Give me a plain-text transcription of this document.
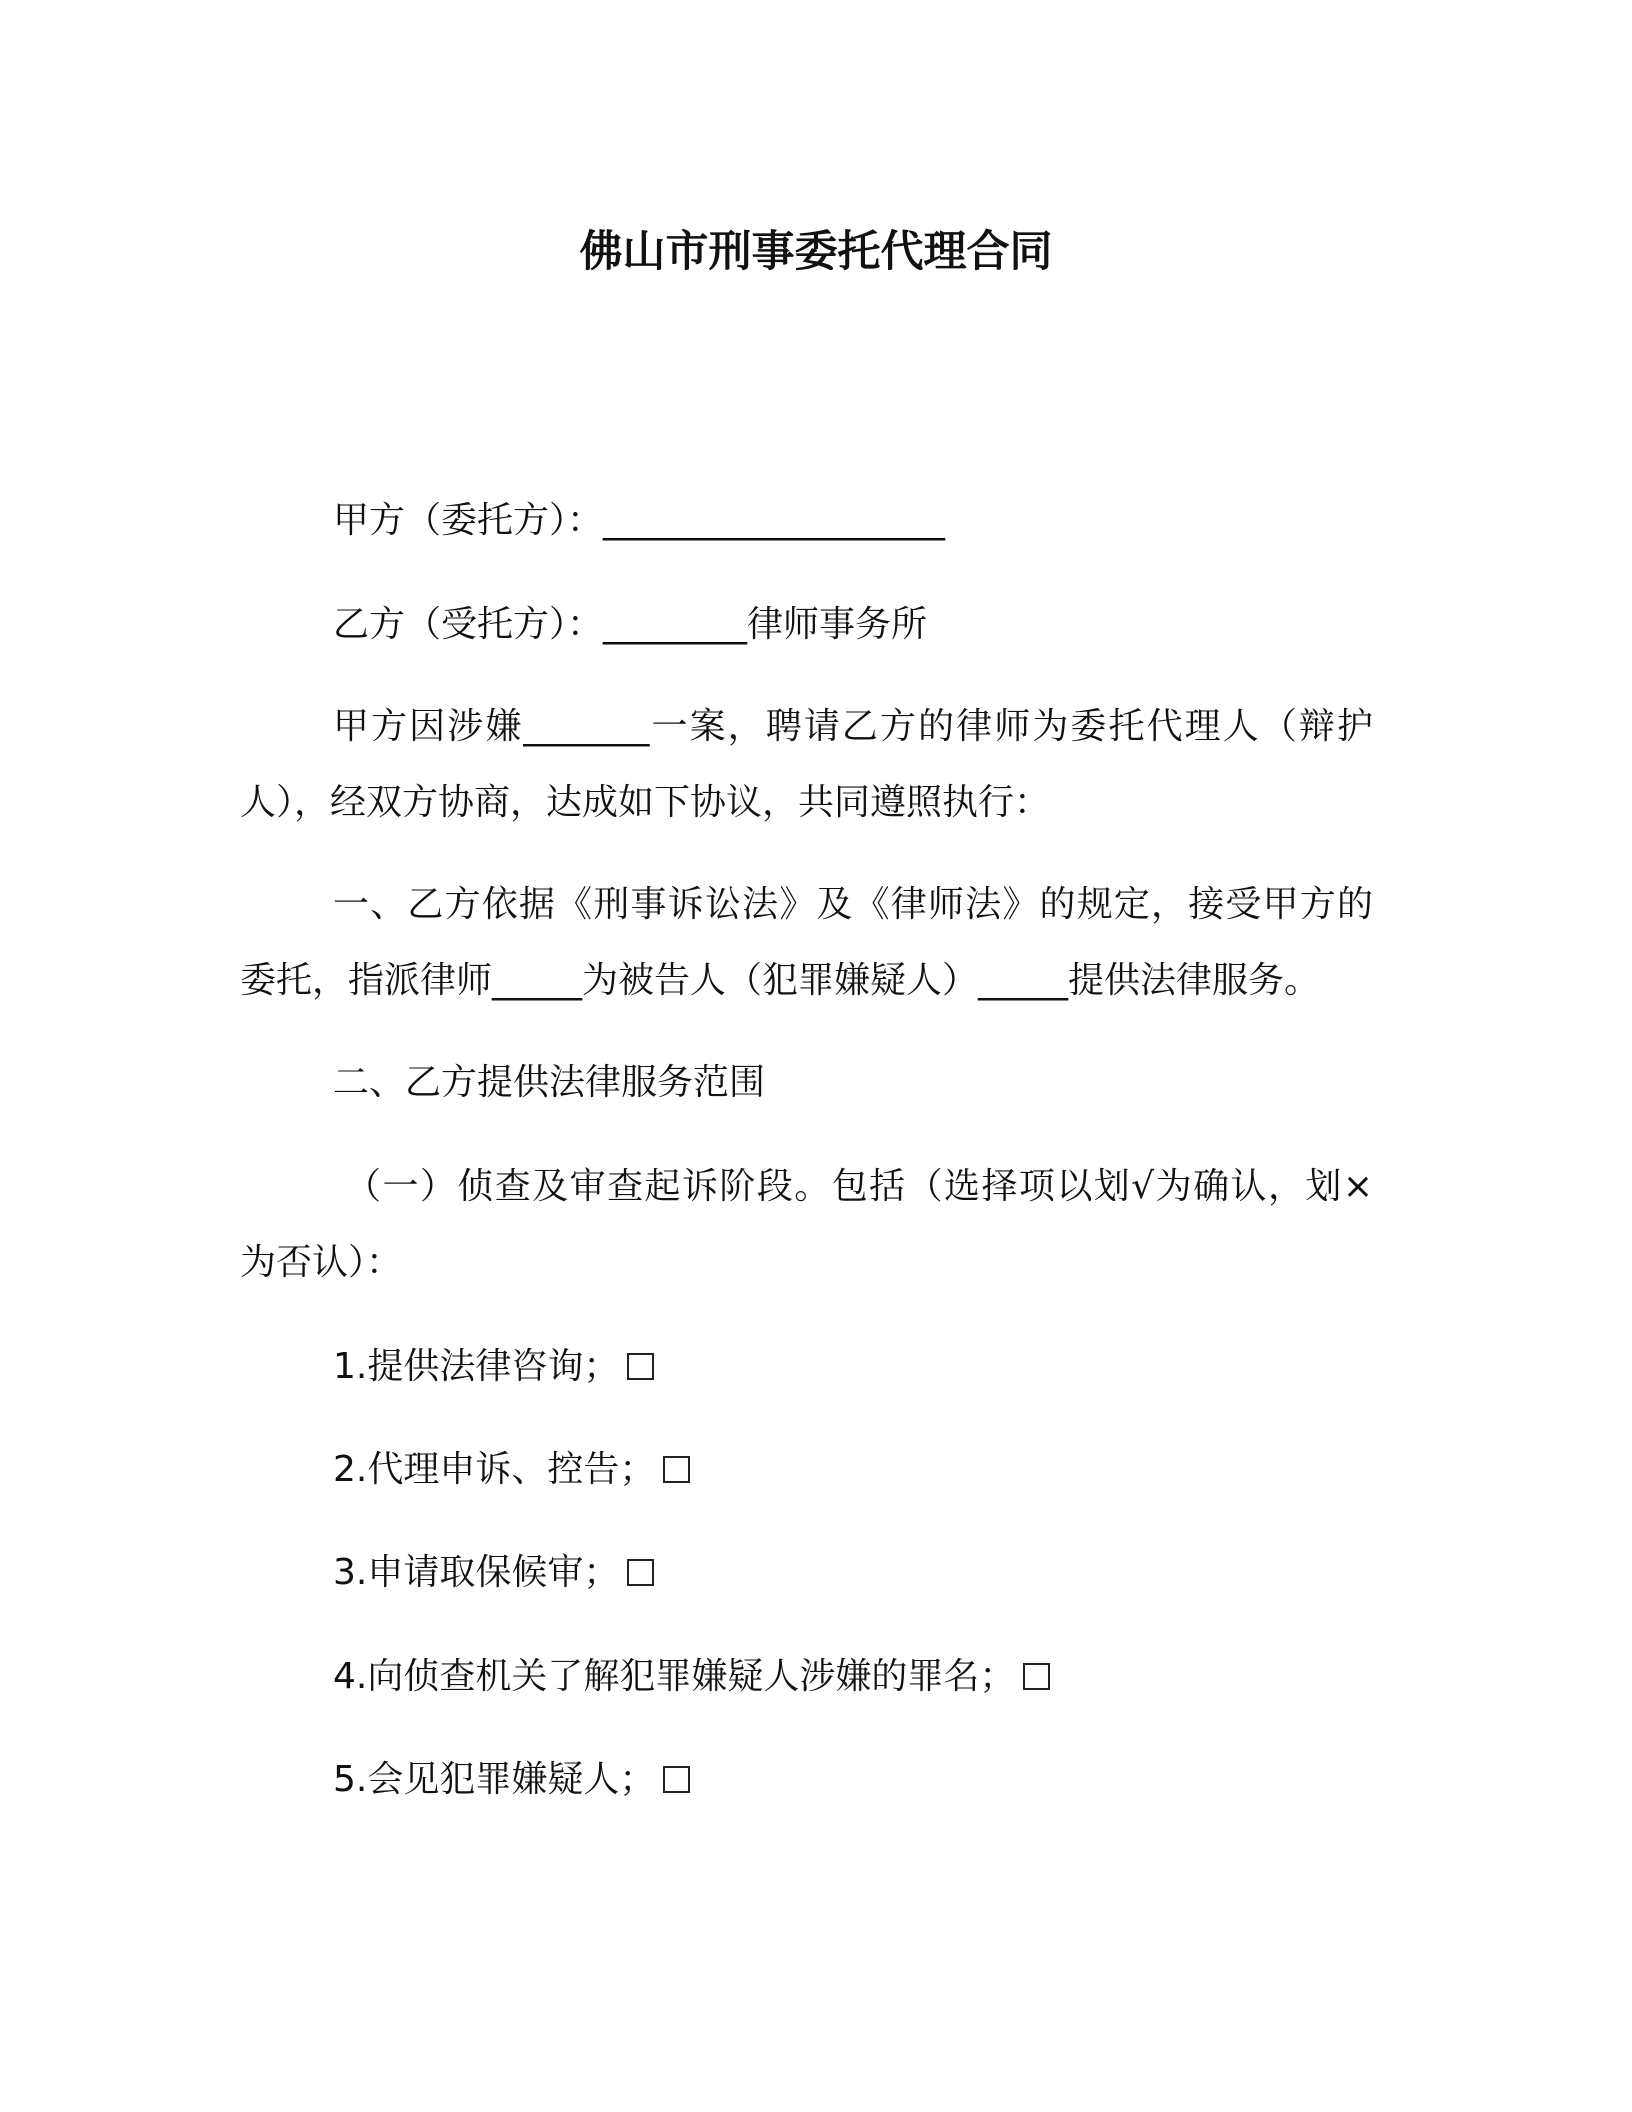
佛山市刑事委托代理合同
甲方（委托方）：___________________
乙方（受托方）：________律师事务所
甲方因涉嫌_______一案，聘请乙方的律师为委托代理人（辩护
人），经双方协商，达成如下协议，共同遵照执行：
一、乙方依据《刑事诉讼法》及《律师法》的规定，接受甲方的
委托，指派律师_____为被告人（犯罪嫌疑人）_____提供法律服务。
二、乙方提供法律服务范围
（一）侦查及审查起诉阶段。包括（选择项以划√为确认，划×
为否认）：
1.提供法律咨询；
2.代理申诉、控告；
3.申请取保候审；
4.向侦查机关了解犯罪嫌疑人涉嫌的罪名；
5.会见犯罪嫌疑人；
